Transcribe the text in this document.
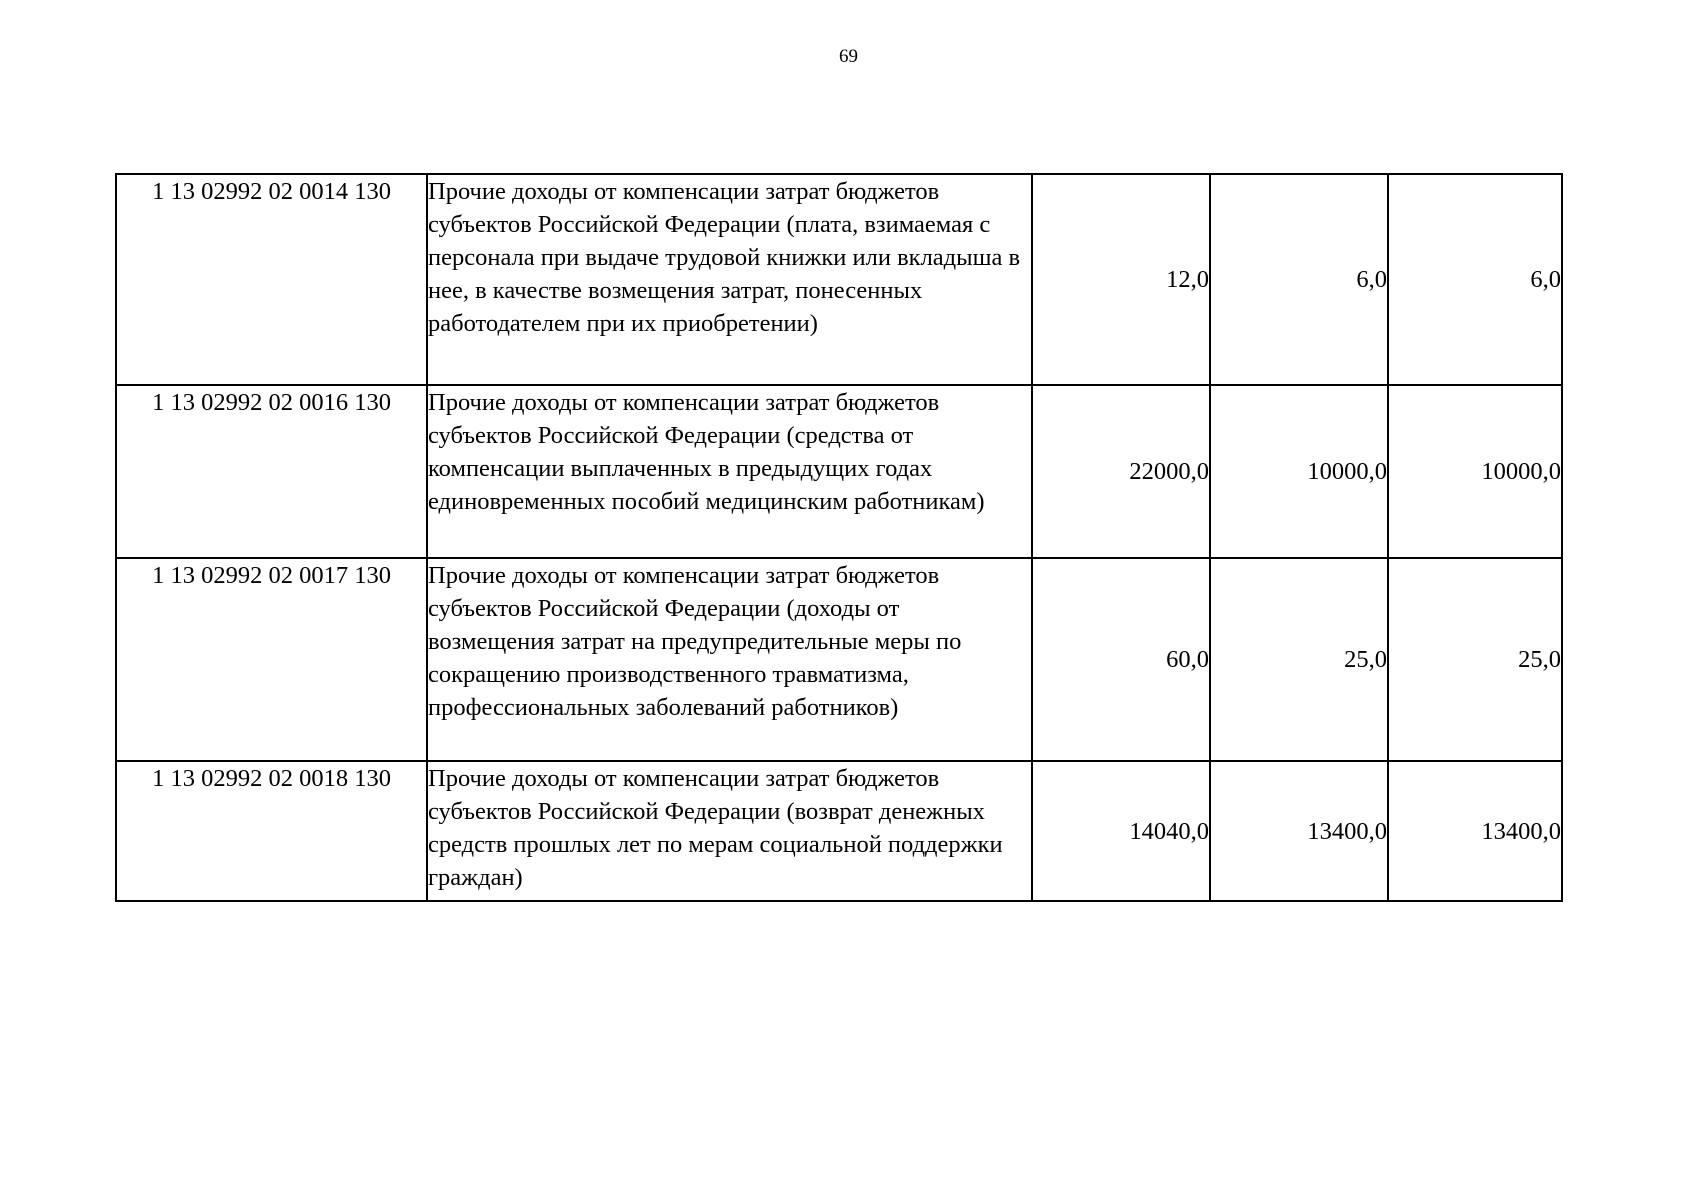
69
1 13 02992 02 0014 130	Прочие доходы от компенсации затрат бюджетов субъектов Российской Федерации (плата, взимаемая с персонала при выдаче трудовой книжки или вкладыша в нее, в качестве возмещения затрат, понесенных работодателем при их приобретении)	12,0	6,0	6,0
1 13 02992 02 0016 130	Прочие доходы от компенсации затрат бюджетов субъектов Российской Федерации (средства от компенсации выплаченных в предыдущих годах единовременных пособий медицинским работникам)	22000,0	10000,0	10000,0
1 13 02992 02 0017 130	Прочие доходы от компенсации затрат бюджетов субъектов Российской Федерации (доходы от возмещения затрат на предупредительные меры по сокращению производственного травматизма, профессиональных заболеваний работников)	60,0	25,0	25,0
1 13 02992 02 0018 130	Прочие доходы от компенсации затрат бюджетов субъектов Российской Федерации (возврат денежных средств прошлых лет по мерам социальной поддержки граждан)	14040,0	13400,0	13400,0
